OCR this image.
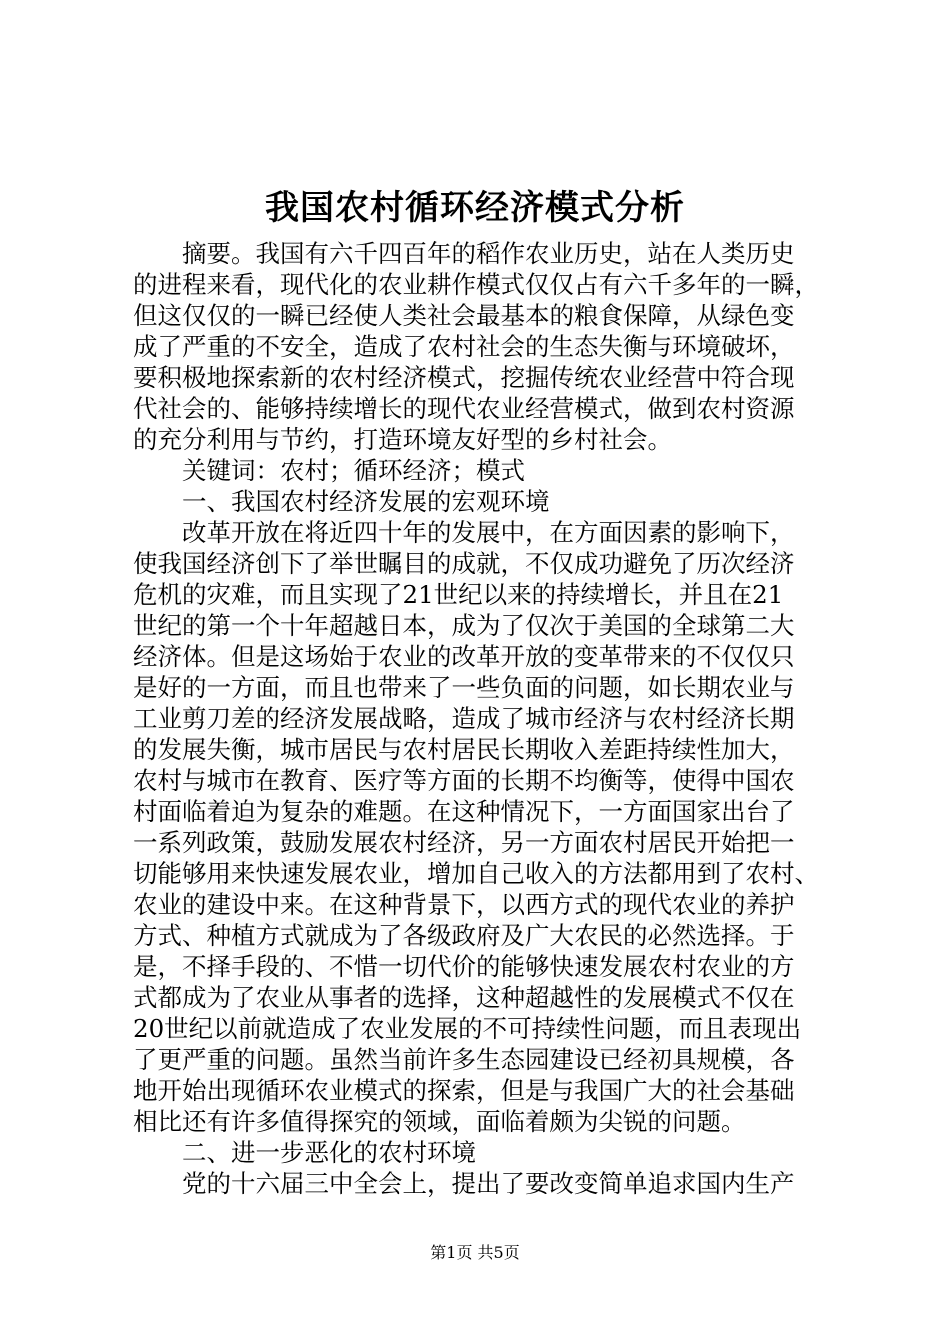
我国农村循环经济模式分析
　　摘要。我国有六千四百年的稻作农业历史，站在人类历史
的进程来看，现代化的农业耕作模式仅仅占有六千多年的一瞬，
但这仅仅的一瞬已经使人类社会最基本的粮食保障，从绿色变
成了严重的不安全，造成了农村社会的生态失衡与环境破坏，
要积极地探索新的农村经济模式，挖掘传统农业经营中符合现
代社会的、能够持续增长的现代农业经营模式，做到农村资源
的充分利用与节约，打造环境友好型的乡村社会。
　　关键词：农村；循环经济；模式
　　一、我国农村经济发展的宏观环境
　　改革开放在将近四十年的发展中，在方面因素的影响下，
使我国经济创下了举世瞩目的成就，不仅成功避免了历次经济
危机的灾难，而且实现了21世纪以来的持续增长，并且在21
世纪的第一个十年超越日本，成为了仅次于美国的全球第二大
经济体。但是这场始于农业的改革开放的变革带来的不仅仅只
是好的一方面，而且也带来了一些负面的问题，如长期农业与
工业剪刀差的经济发展战略，造成了城市经济与农村经济长期
的发展失衡，城市居民与农村居民长期收入差距持续性加大，
农村与城市在教育、医疗等方面的长期不均衡等，使得中国农
村面临着迫为复杂的难题。在这种情况下，一方面国家出台了
一系列政策，鼓励发展农村经济，另一方面农村居民开始把一
切能够用来快速发展农业，增加自己收入的方法都用到了农村、
农业的建设中来。在这种背景下，以西方式的现代农业的养护
方式、种植方式就成为了各级政府及广大农民的必然选择。于
是，不择手段的、不惜一切代价的能够快速发展农村农业的方
式都成为了农业从事者的选择，这种超越性的发展模式不仅在
20世纪以前就造成了农业发展的不可持续性问题，而且表现出
了更严重的问题。虽然当前许多生态园建设已经初具规模，各
地开始出现循环农业模式的探索，但是与我国广大的社会基础
相比还有许多值得探究的领域，面临着颇为尖锐的问题。
　　二、进一步恶化的农村环境
　　党的十六届三中全会上，提出了要改变简单追求国内生产
第1页 共5页
